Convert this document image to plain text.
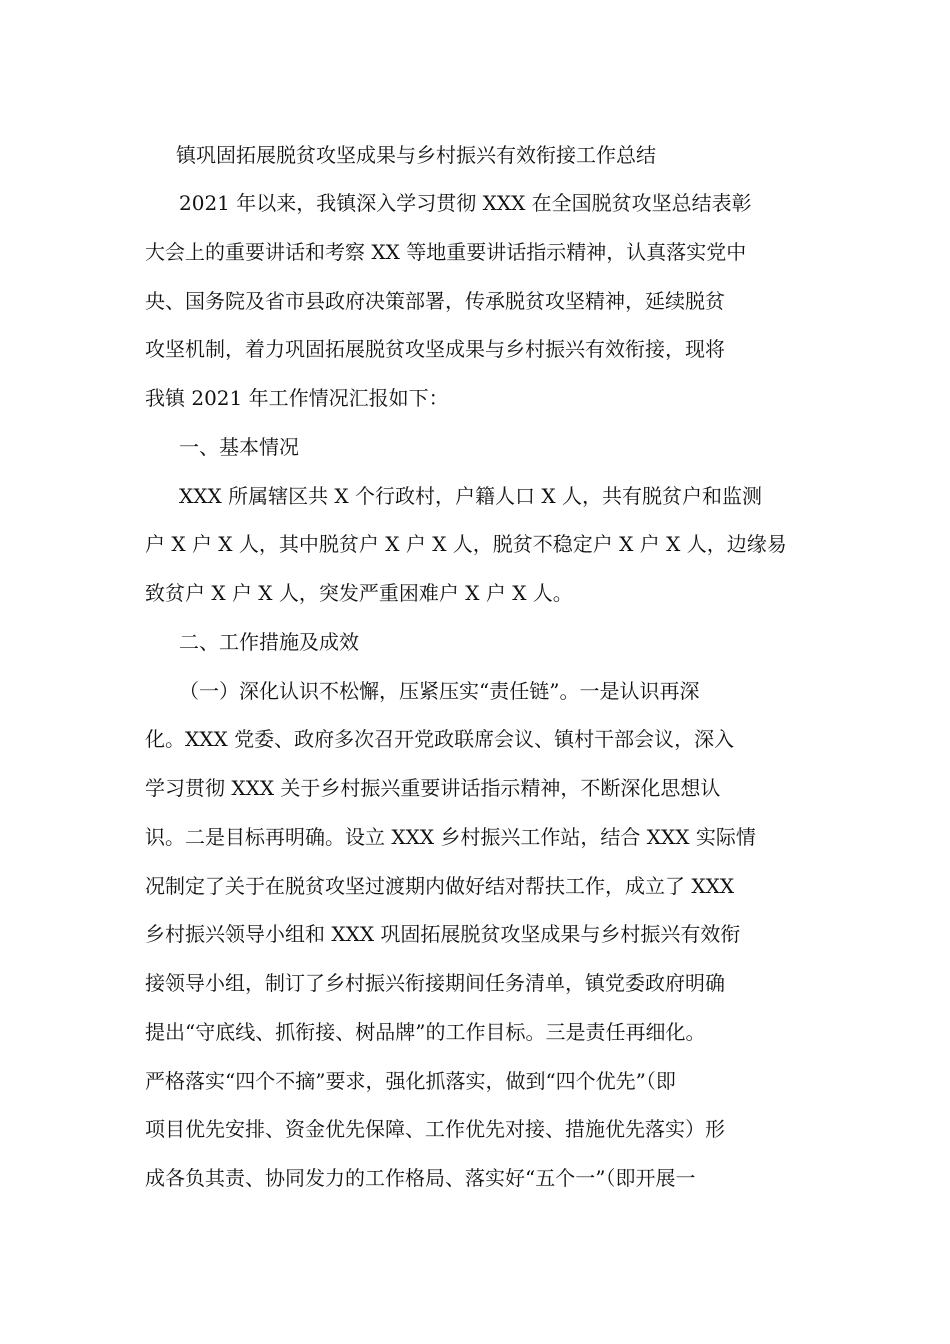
镇巩固拓展脱贫攻坚成果与乡村振兴有效衔接工作总结

2021 年以来，我镇深入学习贯彻 XXX 在全国脱贫攻坚总结表彰

大会上的重要讲话和考察 XX 等地重要讲话指示精神，认真落实党中

央、国务院及省市县政府决策部署，传承脱贫攻坚精神，延续脱贫

攻坚机制，着力巩固拓展脱贫攻坚成果与乡村振兴有效衔接，现将

我镇 2021 年工作情况汇报如下：

一、基本情况

XXX 所属辖区共 X 个行政村，户籍人口 X 人，共有脱贫户和监测

户 X 户 X 人，其中脱贫户 X 户 X 人，脱贫不稳定户 X 户 X 人，边缘易

致贫户 X 户 X 人，突发严重困难户 X 户 X 人。

二、工作措施及成效

（一）深化认识不松懈，压紧压实“责任链”。一是认识再深

化。XXX 党委、政府多次召开党政联席会议、镇村干部会议，深入

学习贯彻 XXX 关于乡村振兴重要讲话指示精神，不断深化思想认

识。二是目标再明确。设立 XXX 乡村振兴工作站，结合 XXX 实际情

况制定了关于在脱贫攻坚过渡期内做好结对帮扶工作，成立了 XXX

乡村振兴领导小组和 XXX 巩固拓展脱贫攻坚成果与乡村振兴有效衔

接领导小组，制订了乡村振兴衔接期间任务清单，镇党委政府明确

提出“守底线、抓衔接、树品牌”的工作目标。三是责任再细化。

严格落实“四个不摘”要求，强化抓落实，做到“四个优先”（即

项目优先安排、资金优先保障、工作优先对接、措施优先落实）形

成各负其责、协同发力的工作格局、落实好“五个一”（即开展一
